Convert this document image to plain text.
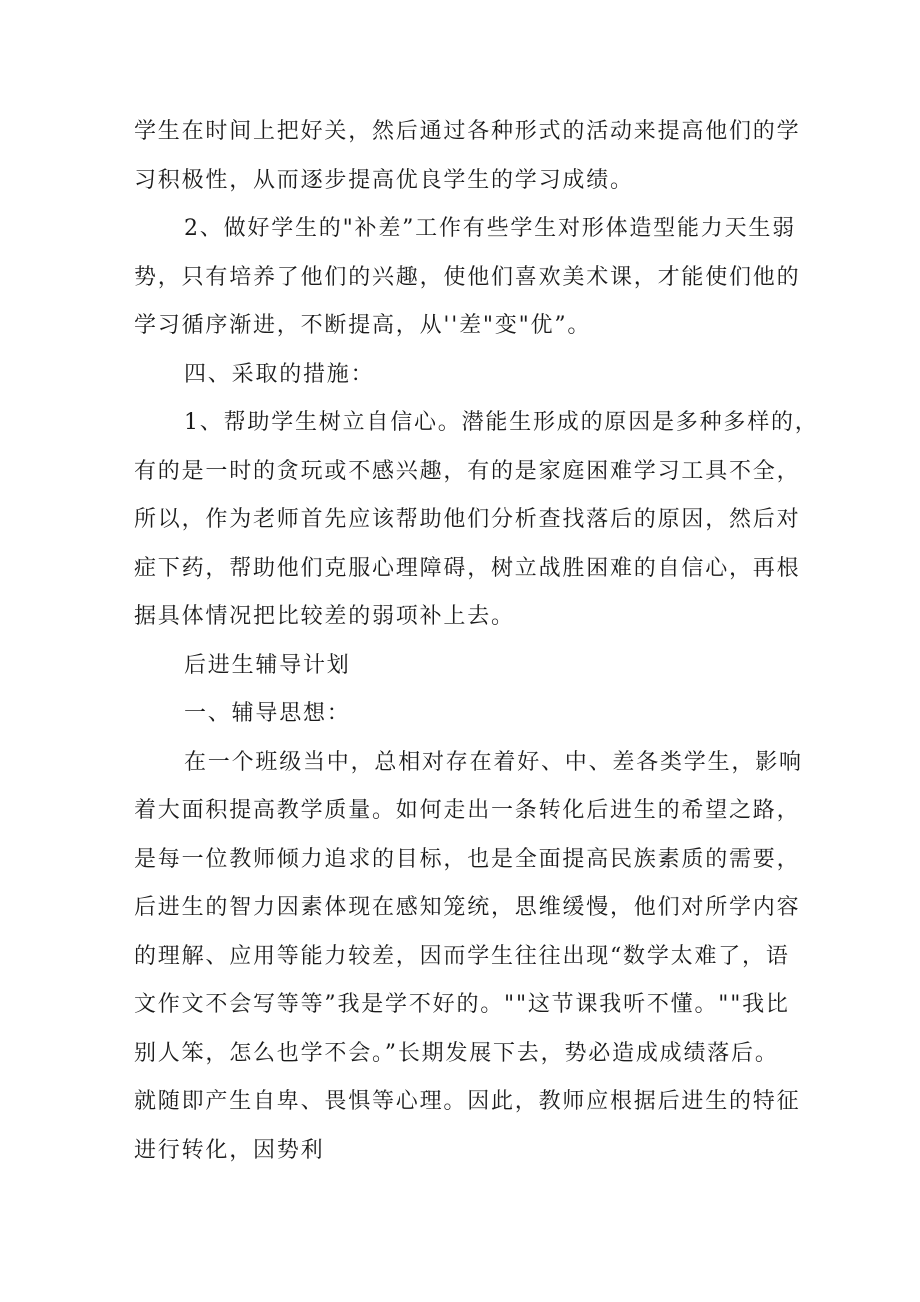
学生在时间上把好关，然后通过各种形式的活动来提高他们的学
习积极性，从而逐步提高优良学生的学习成绩。

2、做好学生的"补差”工作有些学生对形体造型能力天生弱
势，只有培养了他们的兴趣，使他们喜欢美术课，才能使们他的
学习循序渐进，不断提高，从''差"变"优”。

四、采取的措施：

1、帮助学生树立自信心。潜能生形成的原因是多种多样的，
有的是一时的贪玩或不感兴趣，有的是家庭困难学习工具不全，
所以，作为老师首先应该帮助他们分析查找落后的原因，然后对
症下药，帮助他们克服心理障碍，树立战胜困难的自信心，再根
据具体情况把比较差的弱项补上去。

后进生辅导计划

一、辅导思想：

在一个班级当中，总相对存在着好、中、差各类学生，影响
着大面积提高教学质量。如何走出一条转化后进生的希望之路，
是每一位教师倾力追求的目标，也是全面提高民族素质的需要，
后进生的智力因素体现在感知笼统，思维缓慢，他们对所学内容
的理解、应用等能力较差，因而学生往往出现“数学太难了，语
文作文不会写等等”我是学不好的。""这节课我听不懂。""我比
别人笨，怎么也学不会。”长期发展下去，势必造成成绩落后。
就随即产生自卑、畏惧等心理。因此，教师应根据后进生的特征
进行转化，因势利
